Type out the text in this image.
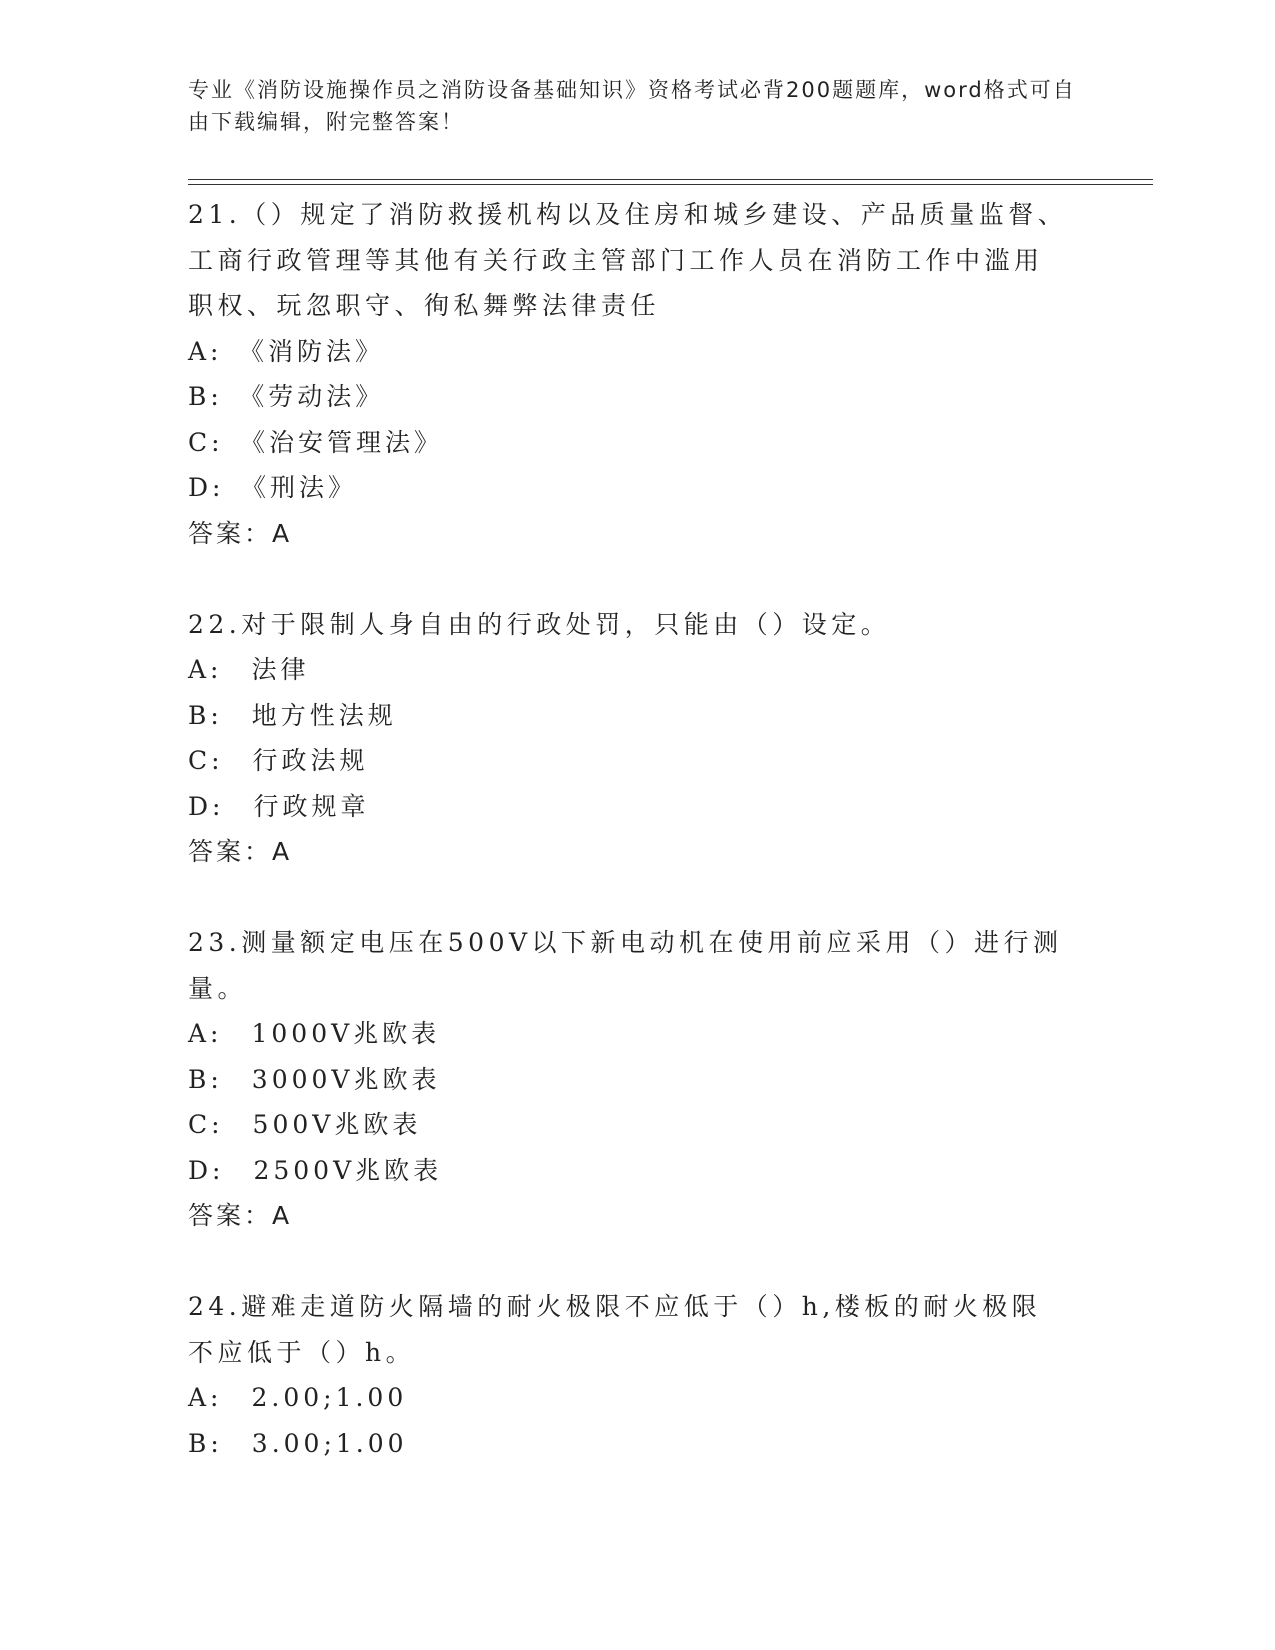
专业《消防设施操作员之消防设备基础知识》资格考试必背200题题库，word格式可自由下载编辑，附完整答案！

21.（）规定了消防救援机构以及住房和城乡建设、产品质量监督、工商行政管理等其他有关行政主管部门工作人员在消防工作中滥用职权、玩忽职守、徇私舞弊法律责任

A:　《消防法》

B:　《劳动法》

C:　《治安管理法》

D:　《刑法》

答案：A

22.对于限制人身自由的行政处罚，只能由（）设定。

A:　法律

B:　地方性法规

C:　行政法规

D:　行政规章

答案：A

23.测量额定电压在500V以下新电动机在使用前应采用（）进行测量。

A:　1000V兆欧表

B:　3000V兆欧表

C:　500V兆欧表

D:　2500V兆欧表

答案：A

24.避难走道防火隔墙的耐火极限不应低于（）h,楼板的耐火极限不应低于（）h。

A:　2.00;1.00

B:　3.00;1.00
